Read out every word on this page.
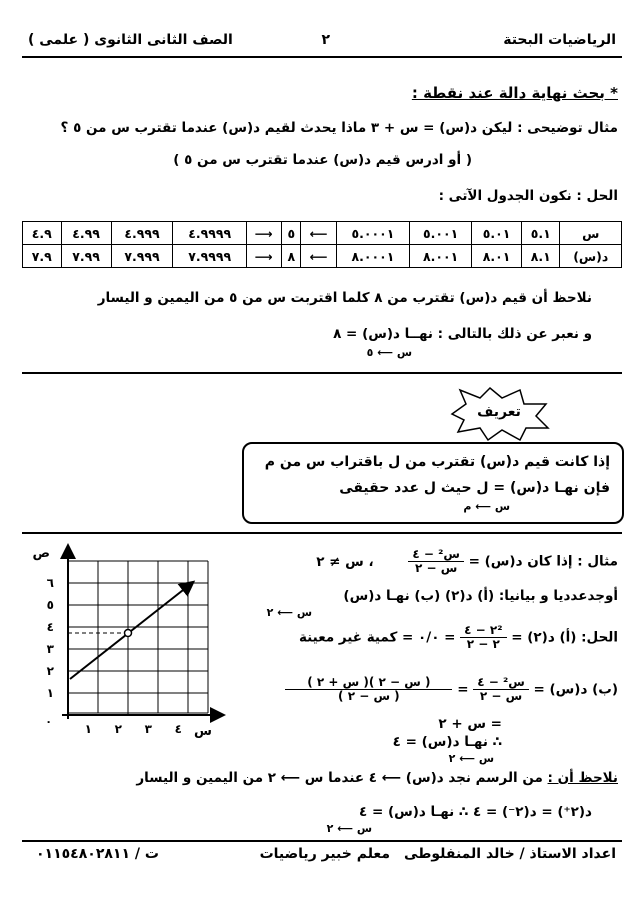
الرياضيات البحتة
٢
الصف الثانى الثانوى ( علمى )
* بحث نهاية دالة عند نقطة :
مثال توضيحى : ليكن د(س) = س + ٣ ماذا يحدث لقيم د(س) عندما تقترب س من ٥ ؟
( أو ادرس قيم د(س) عندما تقترب س من ٥ )
الحل : نكون الجدول الآتى :
س	٥.١	٥.٠١	٥.٠٠١	٥.٠٠٠١	⟵	٥	⟵	٤.٩٩٩٩	٤.٩٩٩	٤.٩٩	٤.٩
د(س)	٨.١	٨.٠١	٨.٠٠١	٨.٠٠٠١	⟵	٨	⟵	٧.٩٩٩٩	٧.٩٩٩	٧.٩٩	٧.٩
نلاحظ أن قيم د(س) تقترب من ٨ كلما اقتربت س من ٥ من اليمين و اليسار
و نعبر عن ذلك بالتالى : نهــا د(س) = ٨
س ⟵ ٥
تعريف
إذا كانت قيم د(س) تقترب من ل باقتراب س من م
فإن نهـا د(س) = ل حيث ل عدد حقيقى
س ⟵ م
مثال : إذا كان د(س) =
$\frac{\text{س² − ٤}}{\text{س − ٢}}$
، س ≠ ٢
أوجدعدديا و بيانيا: (أ) د(٢) (ب) نهـا د(س)
س ⟵ ٢
الحل: (أ) د(٢) =
$\frac{\text{٢² − ٤}}{٢ - ٢}$
= ٠/٠ = كمية غير معينة
(ب) د(س) =
$\frac{\text{س² − ٤}}{\text{س − ٢}}$
=
$\frac{\text{( س − ٢ )( س + ٢ )}}{\text{( س − ٢ )}}$
= س + ٢
∴ نهـا د(س) = ٤
س ⟵ ٢
ص
س
٠
١ ٢ ٣ ٤
١
٢
٣
٤
٥
٦
نلاحظ أن : من الرسم نجد د(س) ⟵ ٤ عندما س ⟵ ٢ من اليمين و اليسار
د(٢⁺) = د(٢⁻) = ٤ ∴ نهـا د(س) = ٤
س ⟵ ٢
اعداد الاستاذ / خالد المنفلوطى
معلم خبير رياضيات
ت / ٠١١٥٤٨٠٢٨١١
